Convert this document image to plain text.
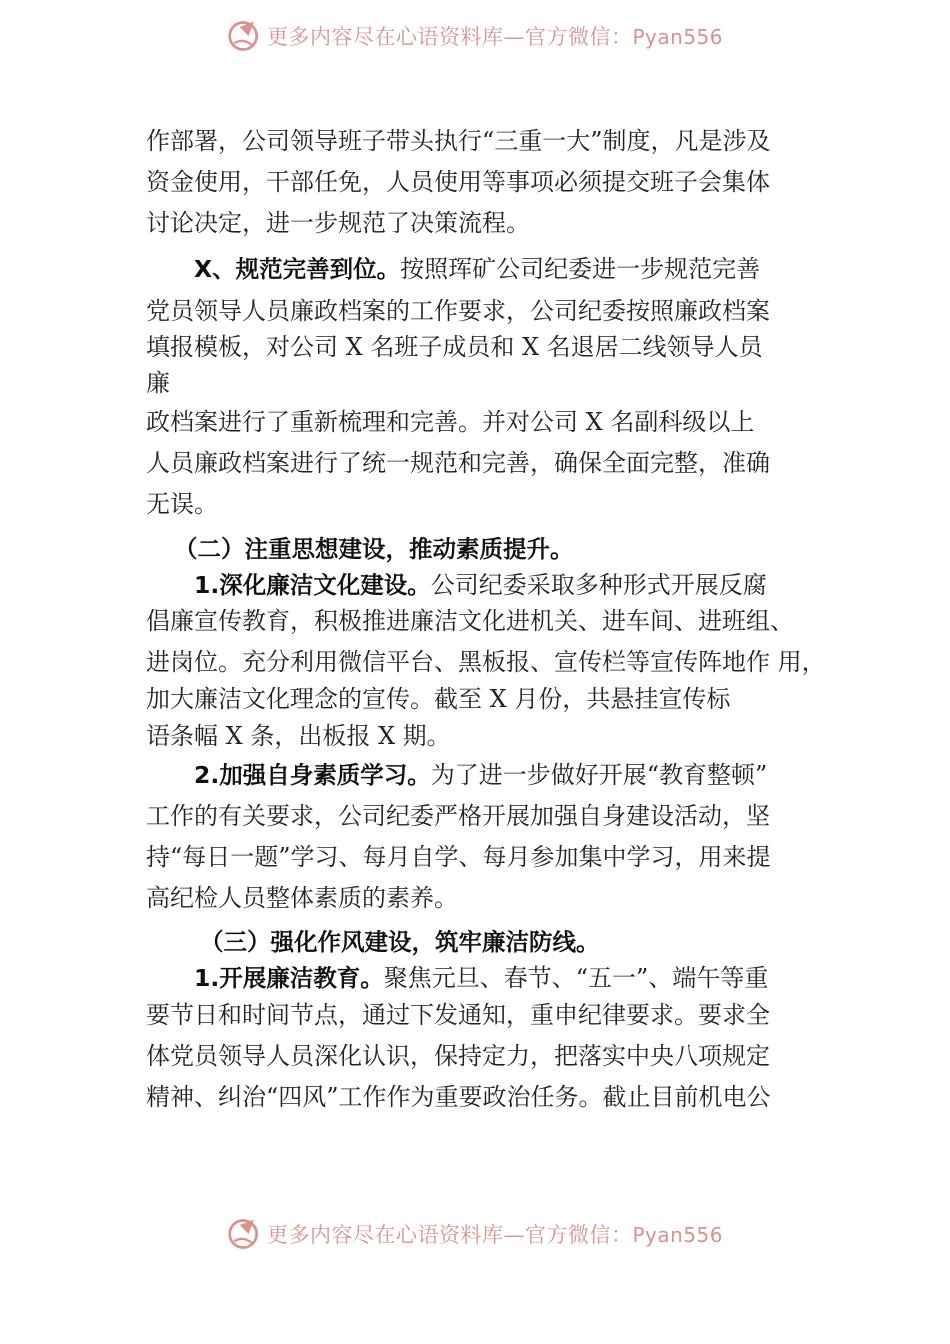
更多内容尽在心语资料库—官方微信：Pyan556
作部署，公司领导班子带头执行“三重一大”制度，凡是涉及
资金使用，干部任免，人员使用等事项必须提交班子会集体
讨论决定，进一步规范了决策流程。
X、规范完善到位。按照珲矿公司纪委进一步规范完善
党员领导人员廉政档案的工作要求，公司纪委按照廉政档案
填报模板，对公司 X 名班子成员和 X 名退居二线领导人员
廉
政档案进行了重新梳理和完善。并对公司 X 名副科级以上
人员廉政档案进行了统一规范和完善，确保全面完整，准确
无误。
（二）注重思想建设，推动素质提升。
1.深化廉洁文化建设。公司纪委采取多种形式开展反腐
倡廉宣传教育，积极推进廉洁文化进机关、进车间、进班组、
进岗位。充分利用微信平台、黑板报、宣传栏等宣传阵地作 用，
加大廉洁文化理念的宣传。截至 X 月份，共悬挂宣传标
语条幅 X 条，出板报 X 期。
2.加强自身素质学习。为了进一步做好开展“教育整顿”
工作的有关要求，公司纪委严格开展加强自身建设活动，坚
持“每日一题”学习、每月自学、每月参加集中学习，用来提
高纪检人员整体素质的素养。
（三）强化作风建设，筑牢廉洁防线。
1.开展廉洁教育。聚焦元旦、春节、“五一”、端午等重
要节日和时间节点，通过下发通知，重申纪律要求。要求全
体党员领导人员深化认识，保持定力，把落实中央八项规定
精神、纠治“四风”工作作为重要政治任务。截止目前机电公
更多内容尽在心语资料库—官方微信：Pyan556
